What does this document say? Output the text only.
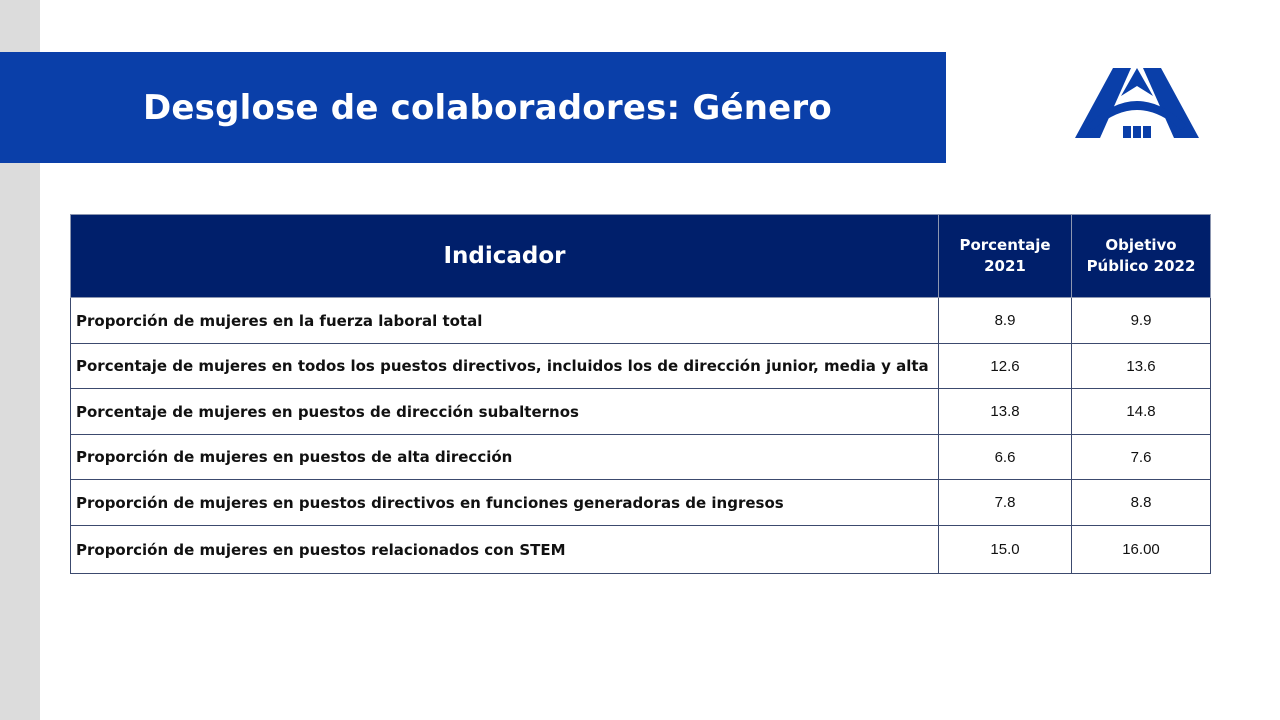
Desglose de colaboradores: Género
Indicador	Porcentaje 2021	Objetivo Público 2022
Proporción de mujeres en la fuerza laboral total	8.9	9.9
Porcentaje de mujeres en todos los puestos directivos, incluidos los de dirección junior, media y alta	12.6	13.6
Porcentaje de mujeres en puestos de dirección subalternos	13.8	14.8
Proporción de mujeres en puestos de alta dirección	6.6	7.6
Proporción de mujeres en puestos directivos en funciones generadoras de ingresos	7.8	8.8
Proporción de mujeres en puestos relacionados con STEM	15.0	16.00
